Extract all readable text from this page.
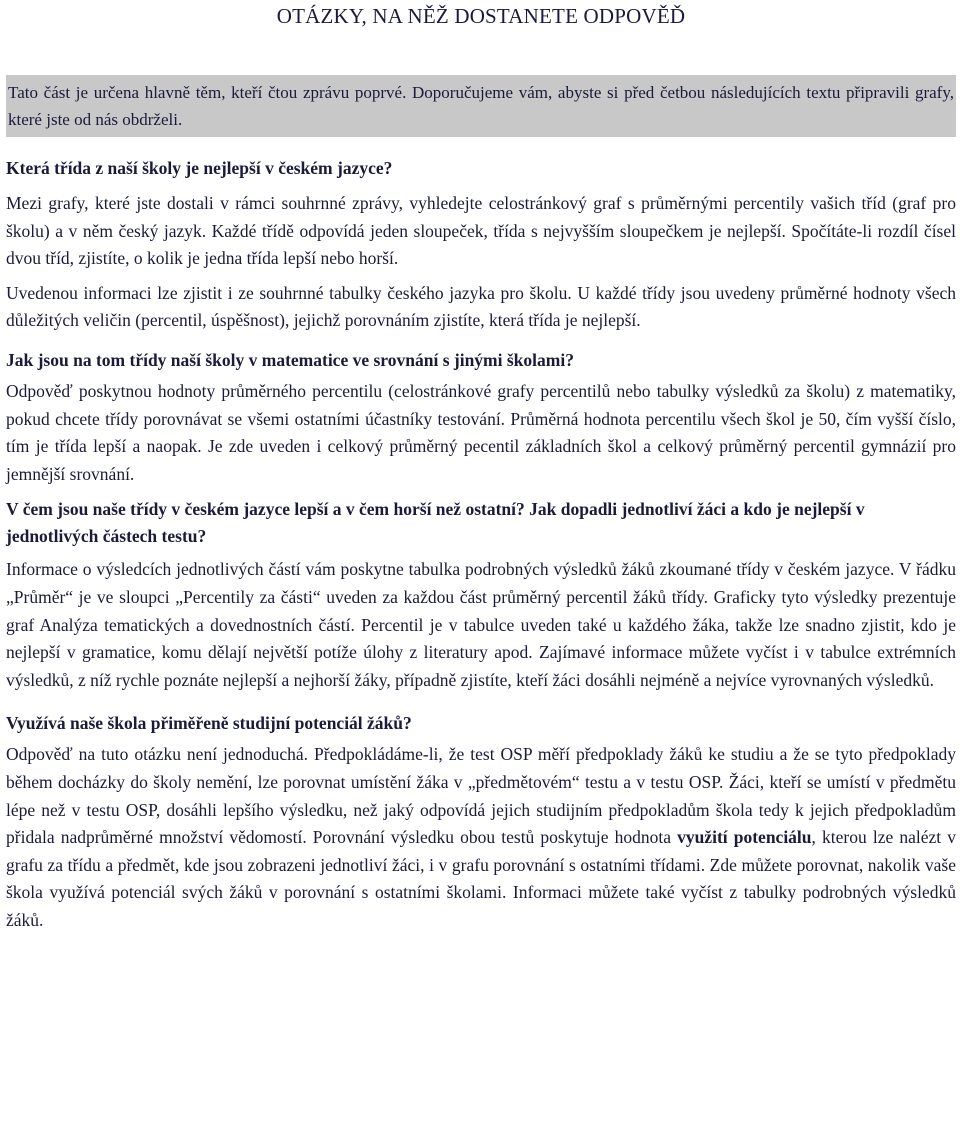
OTÁZKY, NA NĚŽ DOSTANETE ODPOVĚĎ
Tato část je určena hlavně těm, kteří čtou zprávu poprvé. Doporučujeme vám, abyste si před četbou následujících textu připravili grafy, které jste od nás obdrželi.

Která třída z naší školy je nejlepší v českém jazyce?

Mezi grafy, které jste dostali v rámci souhrnné zprávy, vyhledejte celostránkový graf s průměrnými percentily vašich tříd (graf pro školu) a v něm český jazyk. Každé třídě odpovídá jeden sloupeček, třída s nejvyšším sloupečkem je nejlepší. Spočítáte-li rozdíl čísel dvou tříd, zjistíte, o kolik je jedna třída lepší nebo horší.

Uvedenou informaci lze zjistit i ze souhrnné tabulky českého jazyka pro školu. U každé třídy jsou uvedeny průměrné hodnoty všech důležitých veličin (percentil, úspěšnost), jejichž porovnáním zjistíte, která třída je nejlepší.

Jak jsou na tom třídy naší školy v matematice ve srovnání s jinými školami?

Odpověď poskytnou hodnoty průměrného percentilu (celostránkové grafy percentilů nebo tabulky výsledků za školu) z matematiky, pokud chcete třídy porovnávat se všemi ostatními účastníky testování. Průměrná hodnota percentilu všech škol je 50, čím vyšší číslo, tím je třída lepší a naopak. Je zde uveden i celkový průměrný pecentil základních škol a celkový průměrný percentil gymnázií pro jemnější srovnání.

V čem jsou naše třídy v českém jazyce lepší a v čem horší než ostatní? Jak dopadli jednotliví žáci a kdo je nejlepší v jednotlivých částech testu?

Informace o výsledcích jednotlivých částí vám poskytne tabulka podrobných výsledků žáků zkoumané třídy v českém jazyce. V řádku „Průměr“ je ve sloupci „Percentily za části“ uveden za každou část průměrný percentil žáků třídy. Graficky tyto výsledky prezentuje graf Analýza tematických a dovednostních částí. Percentil je v tabulce uveden také u každého žáka, takže lze snadno zjistit, kdo je nejlepší v gramatice, komu dělají největší potíže úlohy z literatury apod. Zajímavé informace můžete vyčíst i v tabulce extrémních výsledků, z níž rychle poznáte nejlepší a nejhorší žáky, případně zjistíte, kteří žáci dosáhli nejméně a nejvíce vyrovnaných výsledků.

Využívá naše škola přiměřeně studijní potenciál žáků?

Odpověď na tuto otázku není jednoduchá. Předpokládáme-li, že test OSP měří předpoklady žáků ke studiu a že se tyto předpoklady během docházky do školy nemění, lze porovnat umístění žáka v „předmětovém“ testu a v testu OSP. Žáci, kteří se umístí v předmětu lépe než v testu OSP, dosáhli lepšího výsledku, než jaký odpovídá jejich studijním předpokladům škola tedy k jejich předpokladům přidala nadprůměrné množství vědomostí. Porovnání výsledku obou testů poskytuje hodnota využití potenciálu, kterou lze nalézt v grafu za třídu a předmět, kde jsou zobrazeni jednotliví žáci, i v grafu porovnání s ostatními třídami. Zde můžete porovnat, nakolik vaše škola využívá potenciál svých žáků v porovnání s ostatními školami. Informaci můžete také vyčíst z tabulky podrobných výsledků žáků.
